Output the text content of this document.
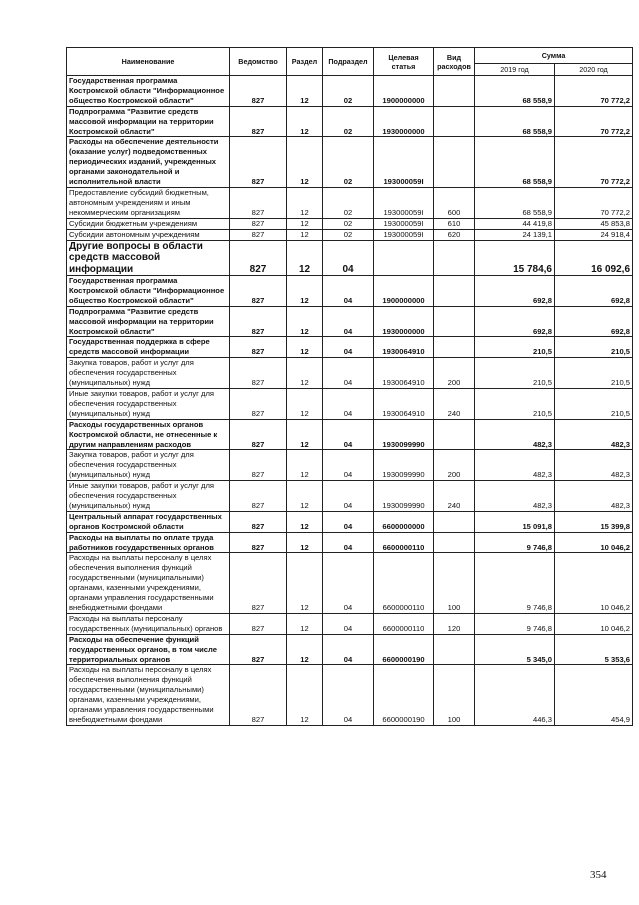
Наименование	Ведомство	Раздел	Подраздел	Целевая статья	Вид расходов	Сумма	
						2019 год	2020 год
Государственная программа Костромской области "Информационное общество Костромской области"	827	12	02	1900000000		68 558,9	70 772,2
Подпрограмма "Развитие средств массовой информации на территории Костромской области"	827	12	02	1930000000		68 558,9	70 772,2
Расходы на обеспечение деятельности (оказание услуг) подведомственных периодических изданий, учрежденных органами законодательной и исполнительной власти	827	12	02	193000059I		68 558,9	70 772,2
Предоставление субсидий бюджетным, автономным учреждениям и иным некоммерческим организациям	827	12	02	193000059I	600	68 558,9	70 772,2
Субсидии бюджетным учреждениям	827	12	02	193000059I	610	44 419,8	45 853,8
Субсидии автономным учреждениям	827	12	02	193000059I	620	24 139,1	24 918,4
Другие вопросы в области средств массовой информации	827	12	04			15 784,6	16 092,6
Государственная программа Костромской области "Информационное общество Костромской области"	827	12	04	1900000000		692,8	692,8
Подпрограмма "Развитие средств массовой информации на территории Костромской области"	827	12	04	1930000000		692,8	692,8
Государственная поддержка в сфере средств массовой информации	827	12	04	1930064910		210,5	210,5
Закупка товаров, работ и услуг для обеспечения государственных (муниципальных) нужд	827	12	04	1930064910	200	210,5	210,5
Иные закупки товаров, работ и услуг для обеспечения государственных (муниципальных) нужд	827	12	04	1930064910	240	210,5	210,5
Расходы государственных органов Костромской области, не отнесенные к другим направлениям расходов	827	12	04	1930099990		482,3	482,3
Закупка товаров, работ и услуг для обеспечения государственных (муниципальных) нужд	827	12	04	1930099990	200	482,3	482,3
Иные закупки товаров, работ и услуг для обеспечения государственных (муниципальных) нужд	827	12	04	1930099990	240	482,3	482,3
Центральный аппарат государственных органов Костромской области	827	12	04	6600000000		15 091,8	15 399,8
Расходы на выплаты по оплате труда работников государственных органов	827	12	04	6600000110		9 746,8	10 046,2
Расходы на выплаты персоналу в целях обеспечения выполнения функций государственными (муниципальными) органами, казенными учреждениями, органами управления государственными внебюджетными фондами	827	12	04	6600000110	100	9 746,8	10 046,2
Расходы на выплаты персоналу государственных (муниципальных) органов	827	12	04	6600000110	120	9 746,8	10 046,2
Расходы на обеспечение функций государственных органов, в том числе территориальных органов	827	12	04	6600000190		5 345,0	5 353,6
Расходы на выплаты персоналу в целях обеспечения выполнения функций государственными (муниципальными) органами, казенными учреждениями, органами управления государственными внебюджетными фондами	827	12	04	6600000190	100	446,3	454,9
354
